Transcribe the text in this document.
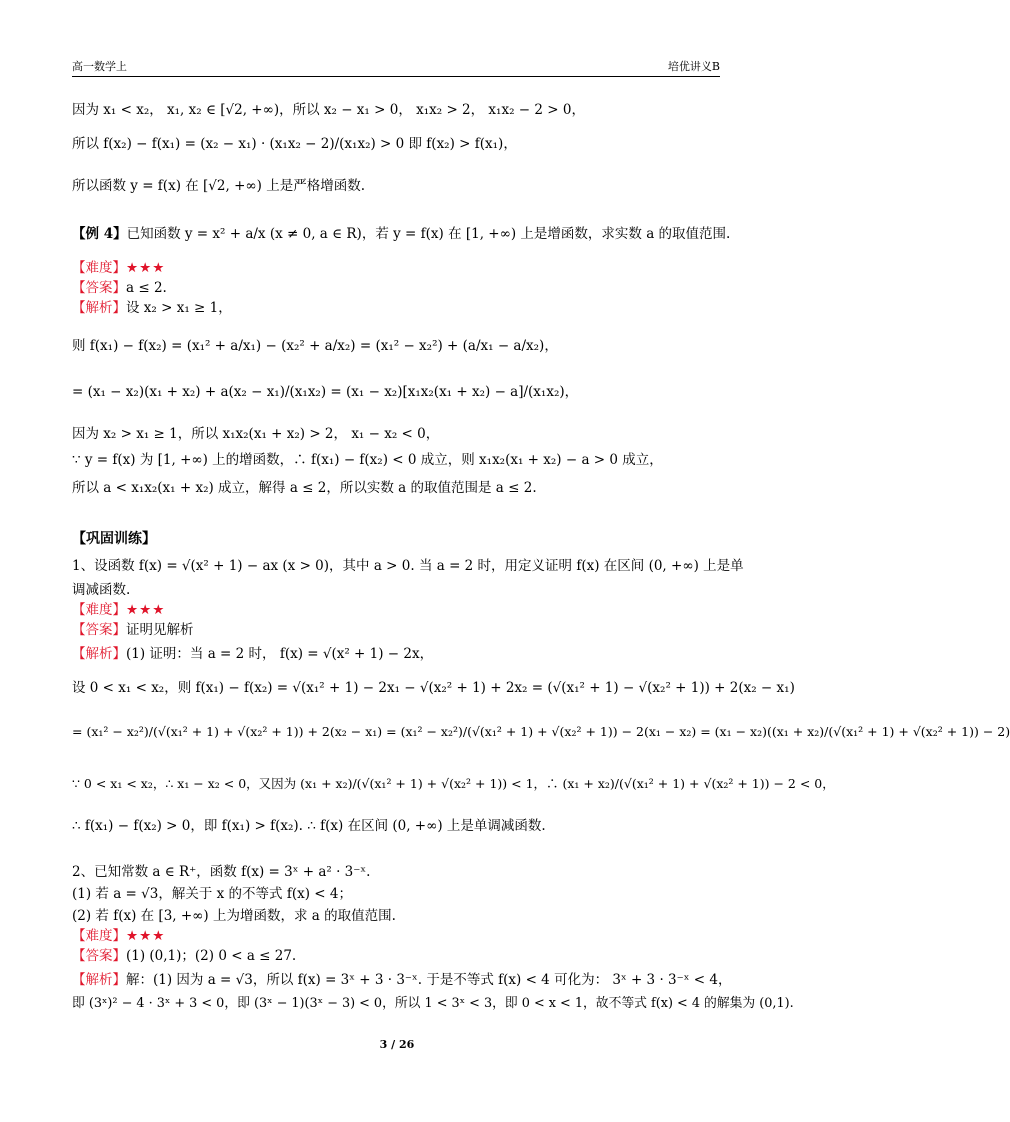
高一数学上	培优讲义B
因为 x₁ < x₂， x₁, x₂ ∈ [√2, +∞)，所以 x₂ − x₁ > 0， x₁x₂ > 2， x₁x₂ − 2 > 0，
所以 f(x₂) − f(x₁) = (x₂ − x₁) · (x₁x₂ − 2)/(x₁x₂) > 0 即 f(x₂) > f(x₁)，
所以函数 y = f(x) 在 [√2, +∞) 上是严格增函数.
【例 4】已知函数 y = x² + a/x (x ≠ 0, a ∈ R)，若 y = f(x) 在 [1, +∞) 上是增函数，求实数 a 的取值范围.
【难度】★★★
【答案】a ≤ 2.
【解析】设 x₂ > x₁ ≥ 1，
则 f(x₁) − f(x₂) = (x₁² + a/x₁) − (x₂² + a/x₂) = (x₁² − x₂²) + (a/x₁ − a/x₂)，
= (x₁ − x₂)(x₁ + x₂) + a(x₂ − x₁)/(x₁x₂) = (x₁ − x₂)[x₁x₂(x₁ + x₂) − a]/(x₁x₂)，
因为 x₂ > x₁ ≥ 1，所以 x₁x₂(x₁ + x₂) > 2， x₁ − x₂ < 0，
∵ y = f(x) 为 [1, +∞) 上的增函数，∴ f(x₁) − f(x₂) < 0 成立，则 x₁x₂(x₁ + x₂) − a > 0 成立，
所以 a < x₁x₂(x₁ + x₂) 成立，解得 a ≤ 2，所以实数 a 的取值范围是 a ≤ 2.
【巩固训练】
1、设函数 f(x) = √(x² + 1) − ax (x > 0)，其中 a > 0. 当 a = 2 时，用定义证明 f(x) 在区间 (0, +∞) 上是单
调减函数.
【难度】★★★
【答案】证明见解析
【解析】(1) 证明：当 a = 2 时， f(x) = √(x² + 1) − 2x，
设 0 < x₁ < x₂，则 f(x₁) − f(x₂) = √(x₁² + 1) − 2x₁ − √(x₂² + 1) + 2x₂ = (√(x₁² + 1) − √(x₂² + 1)) + 2(x₂ − x₁)
= (x₁² − x₂²)/(√(x₁² + 1) + √(x₂² + 1)) + 2(x₂ − x₁) = (x₁² − x₂²)/(√(x₁² + 1) + √(x₂² + 1)) − 2(x₁ − x₂) = (x₁ − x₂)((x₁ + x₂)/(√(x₁² + 1) + √(x₂² + 1)) − 2)
∵ 0 < x₁ < x₂，∴ x₁ − x₂ < 0，又因为 (x₁ + x₂)/(√(x₁² + 1) + √(x₂² + 1)) < 1，∴ (x₁ + x₂)/(√(x₁² + 1) + √(x₂² + 1)) − 2 < 0，
∴ f(x₁) − f(x₂) > 0，即 f(x₁) > f(x₂). ∴ f(x) 在区间 (0, +∞) 上是单调减函数.
2、已知常数 a ∈ R⁺，函数 f(x) = 3ˣ + a² · 3⁻ˣ.
(1) 若 a = √3，解关于 x 的不等式 f(x) < 4；
(2) 若 f(x) 在 [3, +∞) 上为增函数，求 a 的取值范围.
【难度】★★★
【答案】(1) (0,1)；(2) 0 < a ≤ 27.
【解析】解：(1) 因为 a = √3，所以 f(x) = 3ˣ + 3 · 3⁻ˣ. 于是不等式 f(x) < 4 可化为： 3ˣ + 3 · 3⁻ˣ < 4，
即 (3ˣ)² − 4 · 3ˣ + 3 < 0，即 (3ˣ − 1)(3ˣ − 3) < 0，所以 1 < 3ˣ < 3，即 0 < x < 1，故不等式 f(x) < 4 的解集为 (0,1).
3 / 26
